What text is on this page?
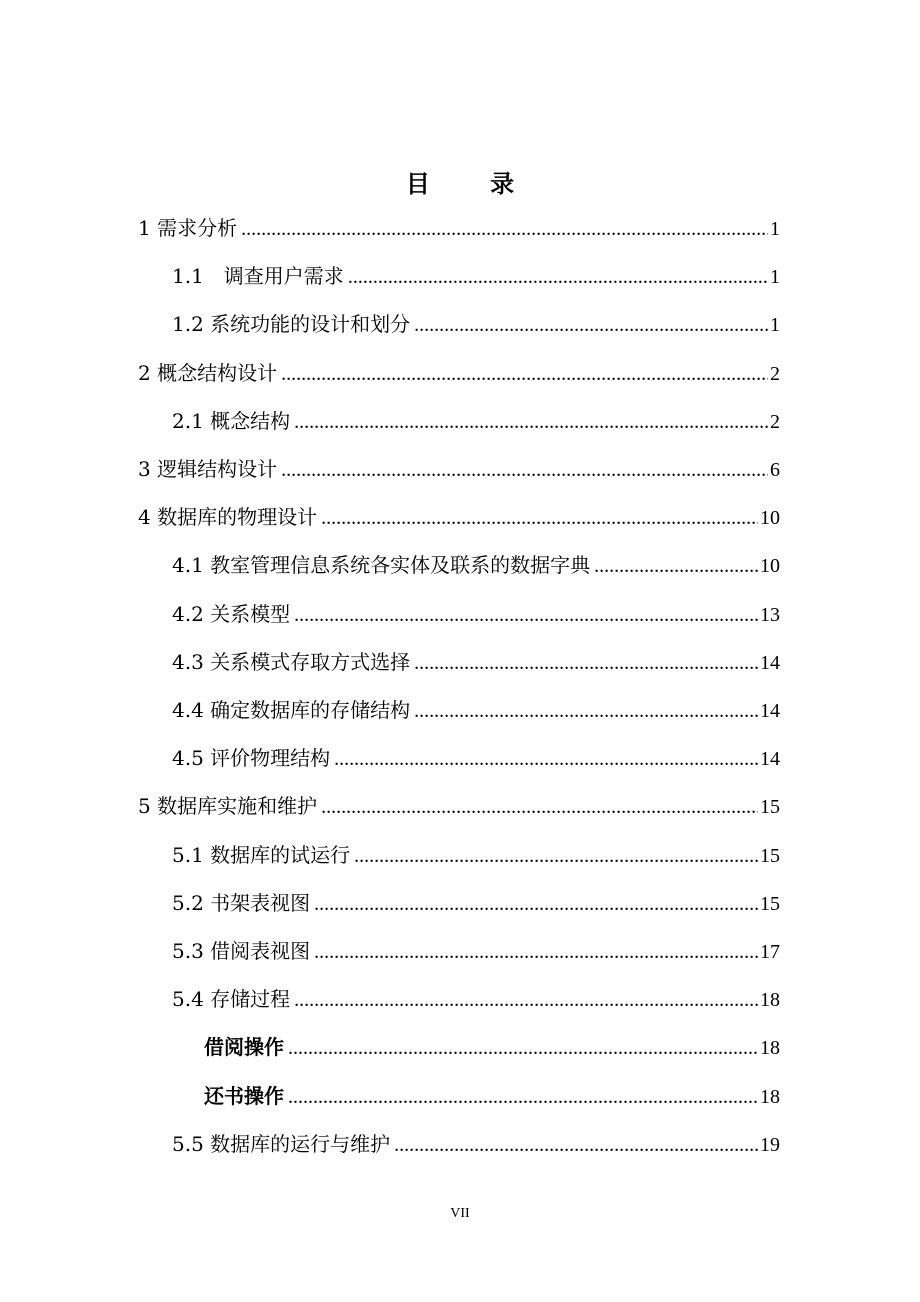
目 录
1 需求分析 .....	1
1.1　调查用户需求 .....	1
1.2 系统功能的设计和划分 .....	1
2 概念结构设计 .....	2
2.1 概念结构 .....	2
3 逻辑结构设计 .....	6
4 数据库的物理设计 .....	10
4.1 教室管理信息系统各实体及联系的数据字典 .....	10
4.2 关系模型 .....	13
4.3 关系模式存取方式选择 .....	14
4.4 确定数据库的存储结构 .....	14
4.5 评价物理结构 .....	14
5 数据库实施和维护 .....	15
5.1 数据库的试运行 .....	15
5.2 书架表视图 .....	15
5.3 借阅表视图 .....	17
5.4 存储过程 .....	18
借阅操作 .....	18
还书操作 .....	18
5.5 数据库的运行与维护 .....	19
VII
